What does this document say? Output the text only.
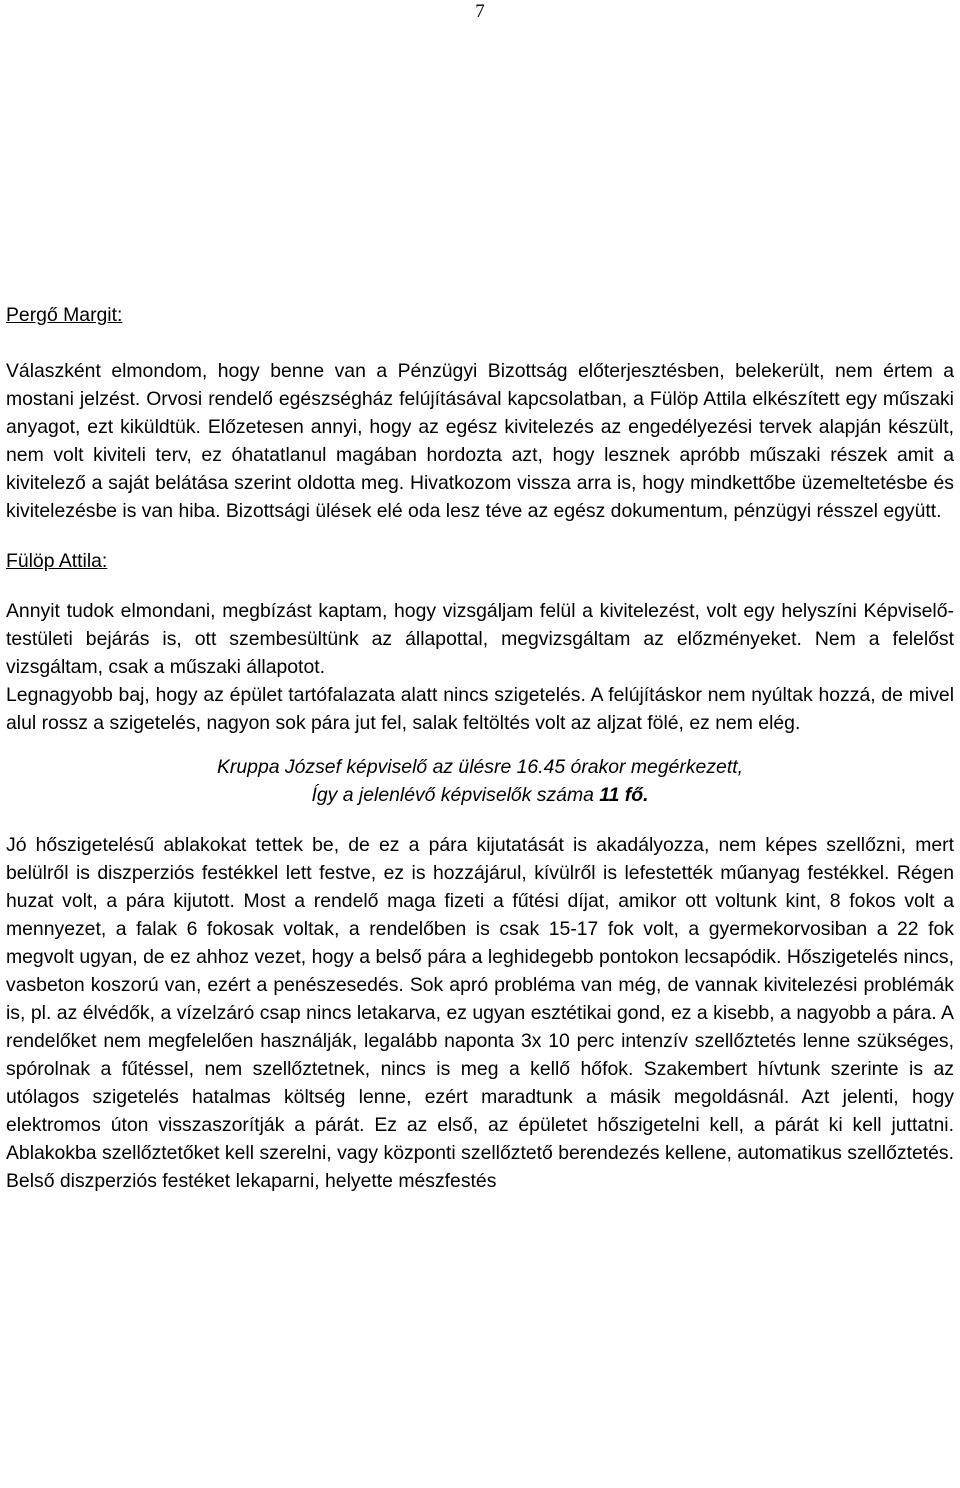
7

Pergő Margit:

Válaszként elmondom, hogy benne van a Pénzügyi Bizottság előterjesztésben, belekerült, nem értem a mostani jelzést. Orvosi rendelő egészségház felújításával kapcsolatban, a Fülöp Attila elkészített egy műszaki anyagot, ezt kiküldtük. Előzetesen annyi, hogy az egész kivitelezés az engedélyezési tervek alapján készült, nem volt kiviteli terv, ez óhatatlanul magában hordozta azt, hogy lesznek apróbb műszaki részek amit a kivitelező a saját belátása szerint oldotta meg. Hivatkozom vissza arra is, hogy mindkettőbe üzemeltetésbe és kivitelezésbe is van hiba. Bizottsági ülések elé oda lesz téve az egész dokumentum, pénzügyi résszel együtt.

Fülöp Attila:

Annyit tudok elmondani, megbízást kaptam, hogy vizsgáljam felül a kivitelezést, volt egy helyszíni Képviselő-testületi bejárás is, ott szembesültünk az állapottal, megvizsgáltam az előzményeket. Nem a felelőst vizsgáltam, csak a műszaki állapotot.

Legnagyobb baj, hogy az épület tartófalazata alatt nincs szigetelés. A felújításkor nem nyúltak hozzá, de mivel alul rossz a szigetelés, nagyon sok pára jut fel, salak feltöltés volt az aljzat fölé, ez nem elég.

Kruppa József képviselő az ülésre 16.45 órakor megérkezett,

Így a jelenlévő képviselők száma 11 fő.

Jó hőszigetelésű ablakokat tettek be, de ez a pára kijutatását is akadályozza, nem képes szellőzni, mert belülről is diszperziós festékkel lett festve, ez is hozzájárul, kívülről is lefestették műanyag festékkel. Régen huzat volt, a pára kijutott. Most a rendelő maga fizeti a fűtési díjat, amikor ott voltunk kint, 8 fokos volt a mennyezet, a falak 6 fokosak voltak, a rendelőben is csak 15-17 fok volt, a gyermekorvosiban a 22 fok megvolt ugyan, de ez ahhoz vezet, hogy a belső pára a leghidegebb pontokon lecsapódik. Hőszigetelés nincs, vasbeton koszorú van, ezért a penészesedés. Sok apró probléma van még, de vannak kivitelezési problémák is, pl. az élvédők, a vízelzáró csap nincs letakarva, ez ugyan esztétikai gond, ez a kisebb, a nagyobb a pára. A rendelőket nem megfelelően használják, legalább naponta 3x 10 perc intenzív szellőztetés lenne szükséges, spórolnak a fűtéssel, nem szellőztetnek, nincs is meg a kellő hőfok. Szakembert hívtunk szerinte is az utólagos szigetelés hatalmas költség lenne, ezért maradtunk a másik megoldásnál. Azt jelenti, hogy elektromos úton visszaszorítják a párát. Ez az első, az épületet hőszigetelni kell, a párát ki kell juttatni. Ablakokba szellőztetőket kell szerelni, vagy központi szellőztető berendezés kellene, automatikus szellőztetés. Belső diszperziós festéket lekaparni, helyette mészfestés
